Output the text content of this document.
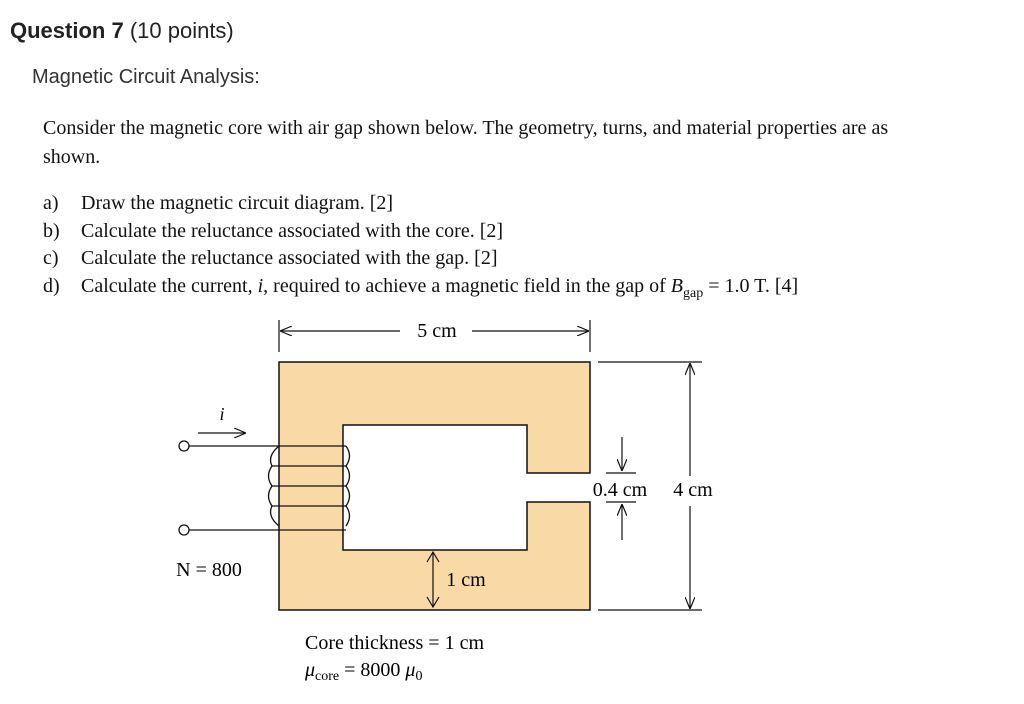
Question 7 (10 points)
Magnetic Circuit Analysis:
Consider the magnetic core with air gap shown below. The geometry, turns, and material properties are as shown.
a) Draw the magnetic circuit diagram. [2]
b) Calculate the reluctance associated with the core. [2]
c) Calculate the reluctance associated with the gap. [2]
d) Calculate the current, i, required to achieve a magnetic field in the gap of $B_{gap} = 1.0$ T. [4]
5 cm
4 cm
0.4 cm
1 cm
i
N = 800
Core thickness = 1 cm
$\mu_{core} = 8000$ $\mu_0$
